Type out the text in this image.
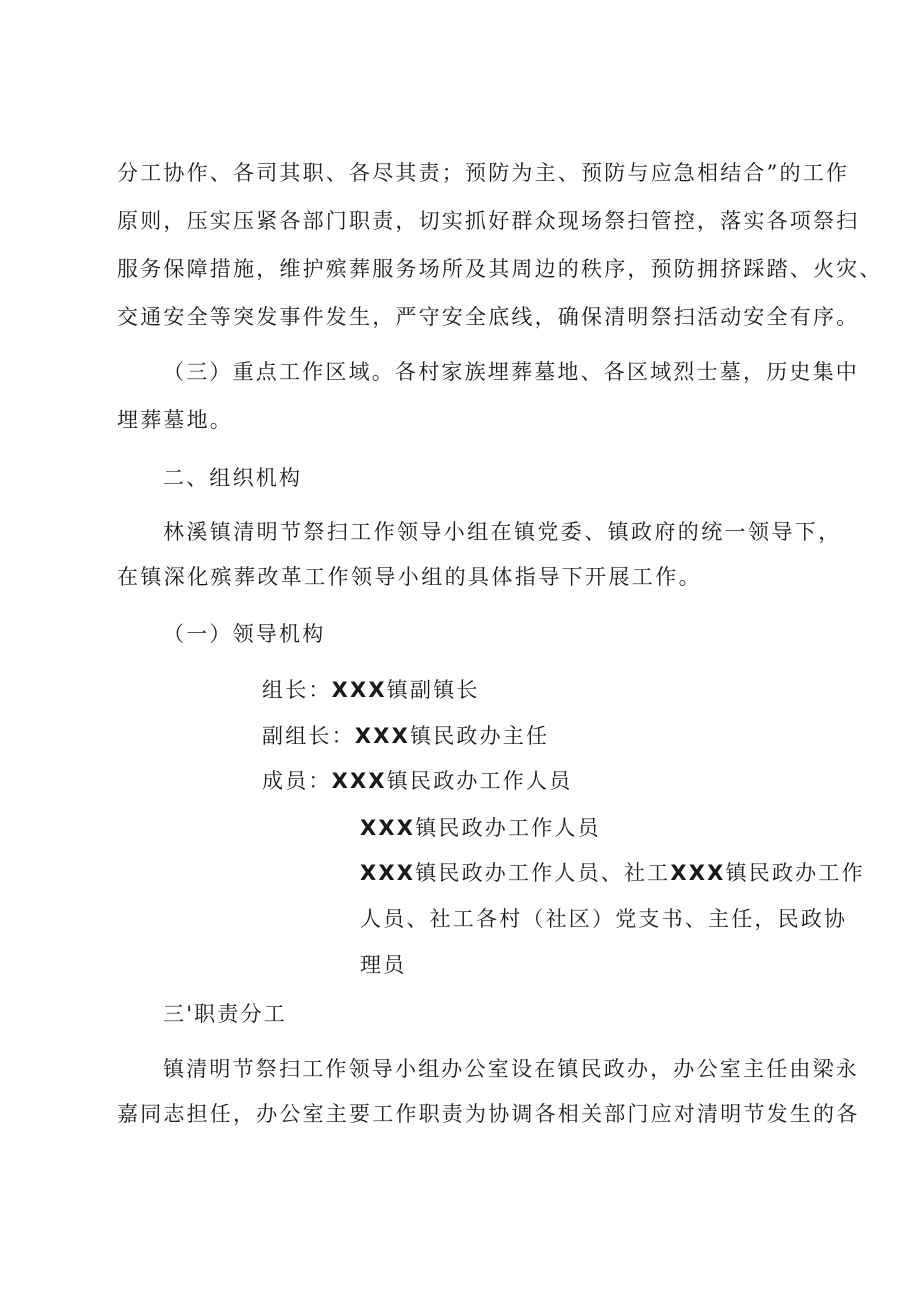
分工协作、各司其职、各尽其责；预防为主、预防与应急相结合”的工作
原则，压实压紧各部门职责，切实抓好群众现场祭扫管控，落实各项祭扫
服务保障措施，维护殡葬服务场所及其周边的秩序，预防拥挤踩踏、火灾、
交通安全等突发事件发生，严守安全底线，确保清明祭扫活动安全有序。
（三）重点工作区域。各村家族埋葬墓地、各区域烈士墓，历史集中
埋葬墓地。
二、组织机构
林溪镇清明节祭扫工作领导小组在镇党委、镇政府的统一领导下，
在镇深化殡葬改革工作领导小组的具体指导下开展工作。
（一）领导机构
组长：XXX镇副镇长
副组长：XXX镇民政办主任
成员：XXX镇民政办工作人员
XXX镇民政办工作人员
XXX镇民政办工作人员、社工XXX镇民政办工作
人员、社工各村（社区）党支书、主任，民政协
理员
三'职责分工
镇清明节祭扫工作领导小组办公室设在镇民政办，办公室主任由梁永
嘉同志担任，办公室主要工作职责为协调各相关部门应对清明节发生的各
